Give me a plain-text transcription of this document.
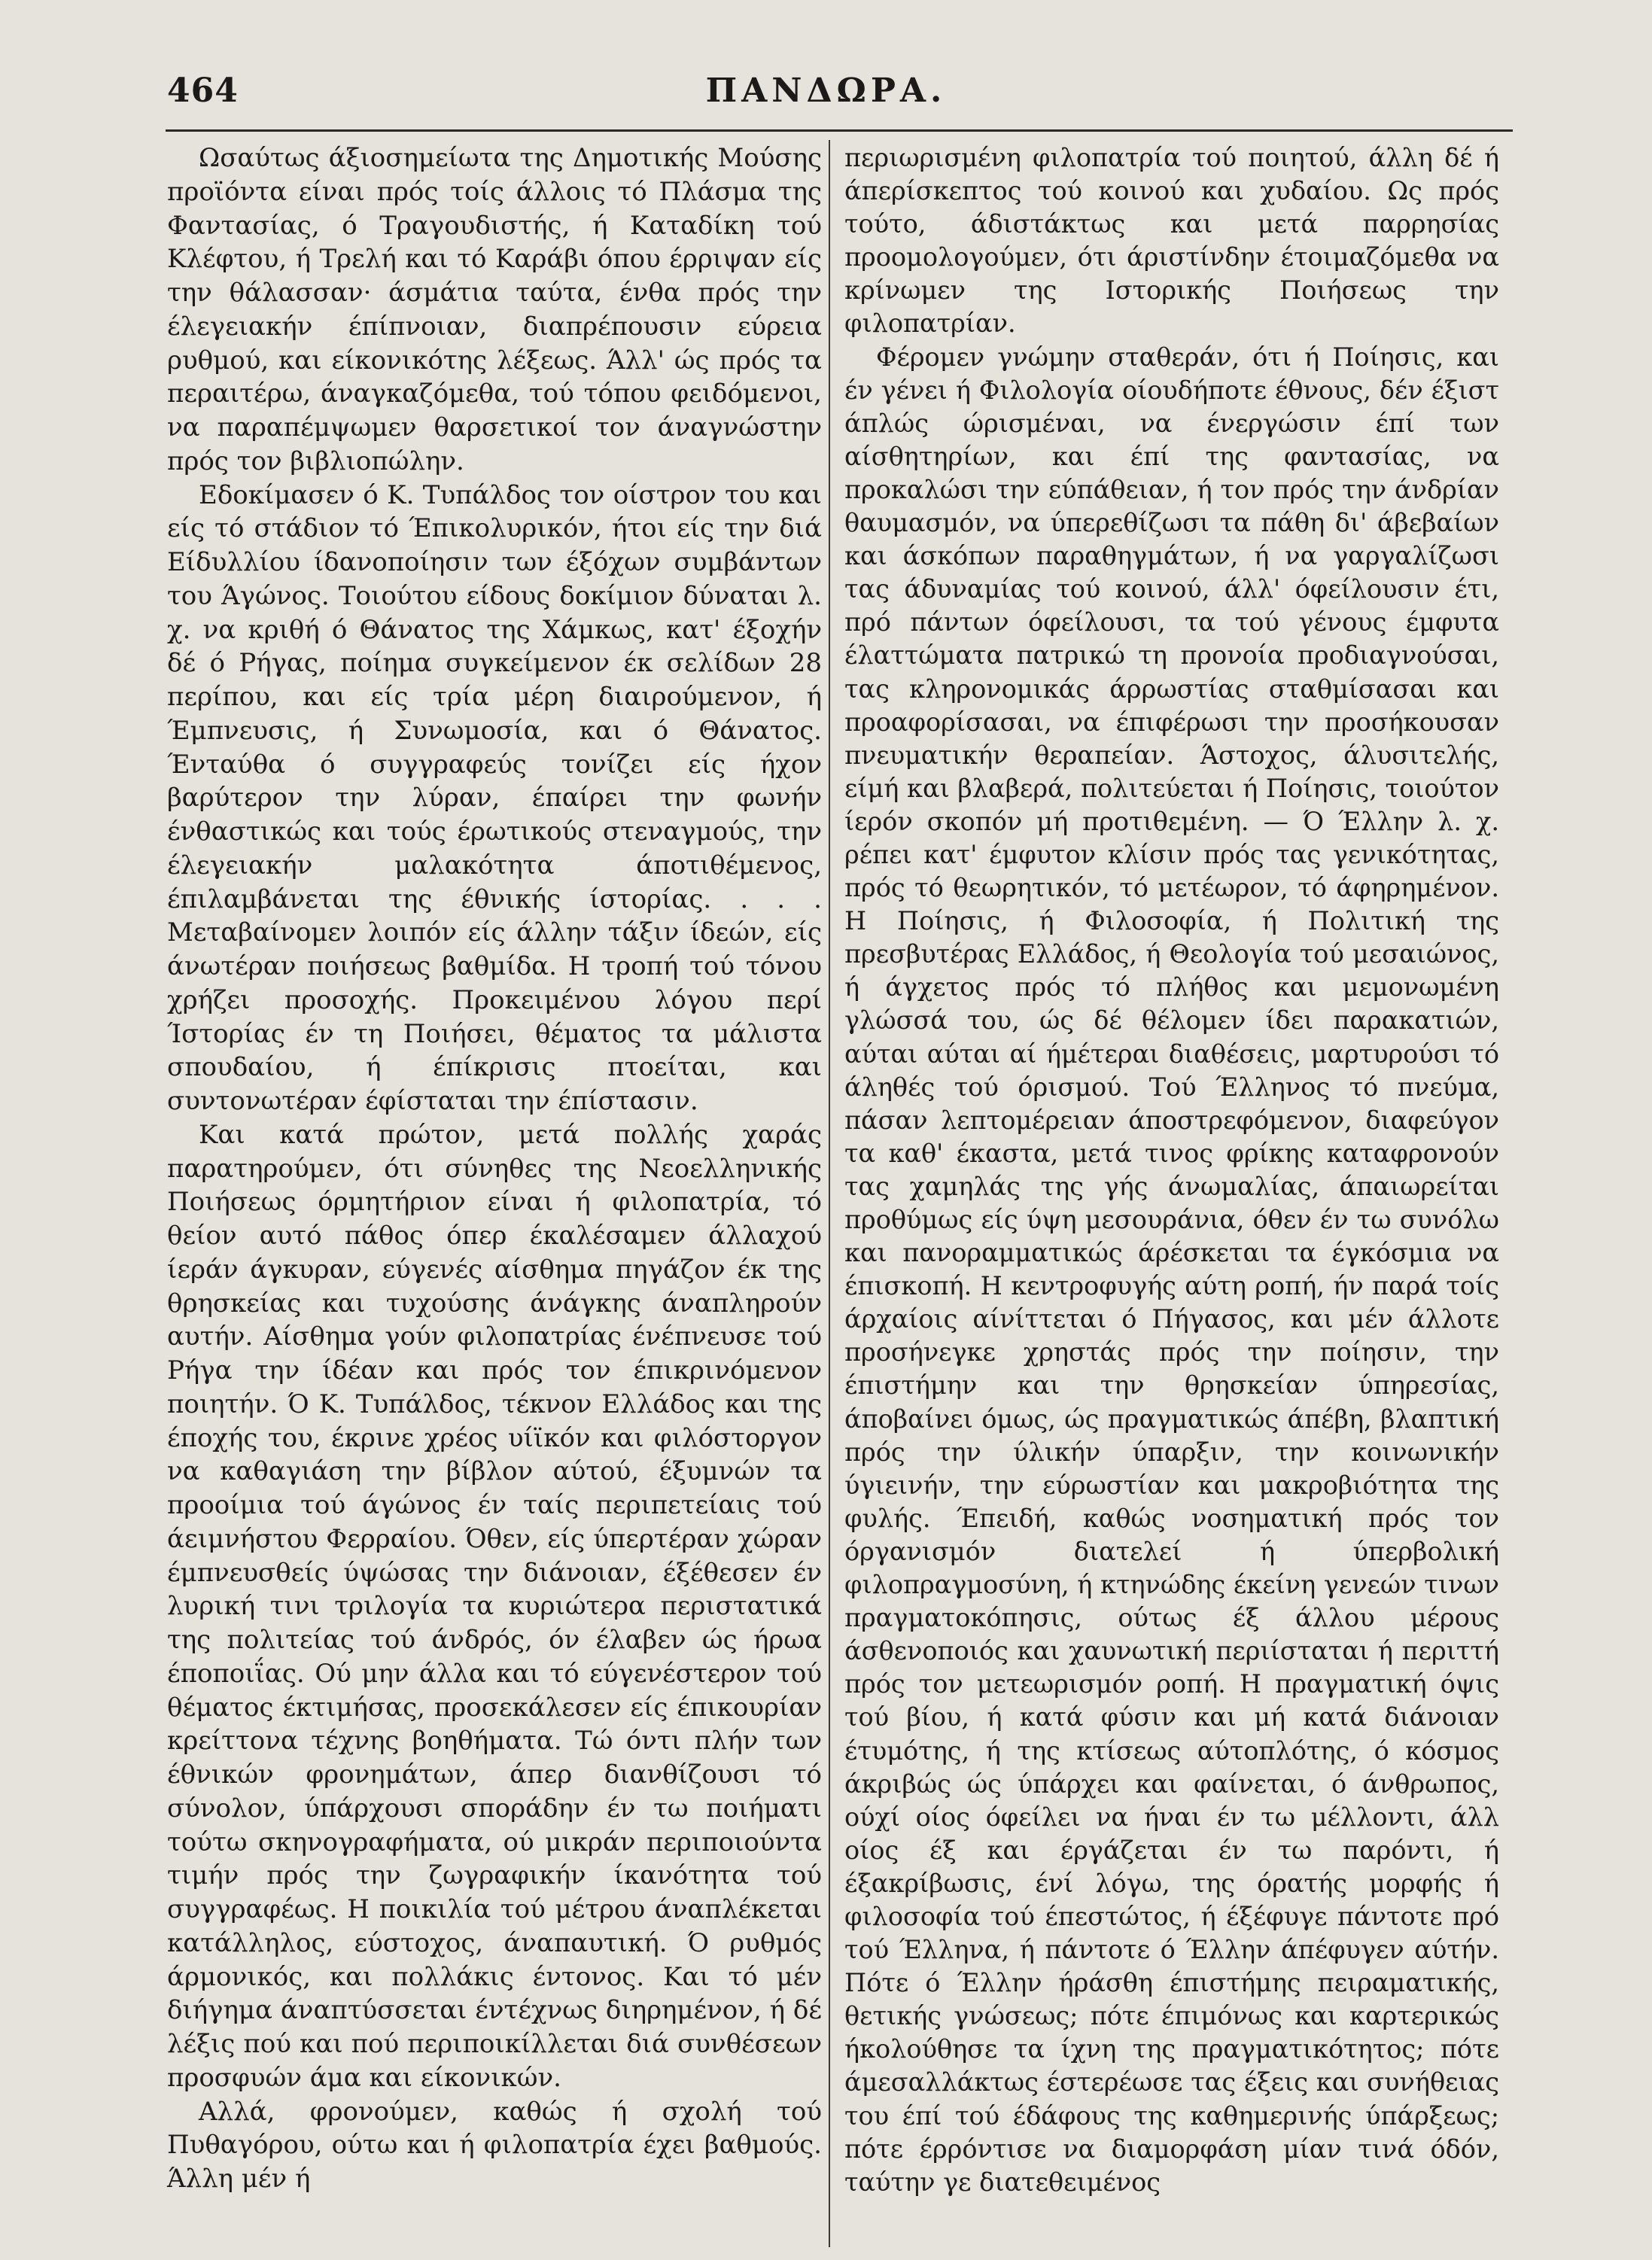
464	ΠΑΝΔΩΡΑ.

Ωσαύτως άξιοσημείωτα της Δημοτικής Μούσης προϊόντα είναι πρός τοίς άλλοις τό Πλάσμα της Φαντασίας, ό Τραγουδιστής, ή Καταδίκη τού Κλέφτου, ή Τρελή και τό Καράβι όπου έρριψαν είς την θάλασσαν· άσμάτια ταύτα, ένθα πρός την έλεγειακήν έπίπνοιαν, διαπρέπουσιν εύρεια ρυθμού, και είκονικότης λέξεως. Άλλ' ώς πρός τα περαιτέρω, άναγκαζόμεθα, τού τόπου φειδόμενοι, να παραπέμψωμεν θαρσετικοί τον άναγνώστην πρός τον βιβλιοπώλην.

Εδοκίμασεν ό Κ. Τυπάλδος τον οίστρον του και είς τό στάδιον τό Έπικολυρικόν, ήτοι είς την διά Είδυλλίου ίδανοποίησιν των έξόχων συμβάντων του Άγώνος. Τοιούτου είδους δοκίμιον δύναται λ. χ. να κριθή ό Θάνατος της Χάμκως, κατ' έξοχήν δέ ό Ρήγας, ποίημα συγκείμενον έκ σελίδων 28 περίπου, και είς τρία μέρη διαιρούμενον, ή Έμπνευσις, ή Συνωμοσία, και ό Θάνατος. Ένταύθα ό συγγραφεύς τονίζει είς ήχον βαρύτερον την λύραν, έπαίρει την φωνήν ένθαστικώς και τούς έρωτικούς στεναγμούς, την έλεγειακήν μαλακότητα άποτιθέμενος, έπιλαμβάνεται της έθνικής ίστορίας. . . . Μεταβαίνομεν λοιπόν είς άλλην τάξιν ίδεών, είς άνωτέραν ποιήσεως βαθμίδα. Η τροπή τού τόνου χρήζει προσοχής. Προκειμένου λόγου περί Ίστορίας έν τη Ποιήσει, θέματος τα μάλιστα σπουδαίου, ή έπίκρισις πτοείται, και συντονωτέραν έφίσταται την έπίστασιν.

Και κατά πρώτον, μετά πολλής χαράς παρατηρούμεν, ότι σύνηθες της Νεοελληνικής Ποιήσεως όρμητήριον είναι ή φιλοπατρία, τό θείον αυτό πάθος όπερ έκαλέσαμεν άλλαχού ίεράν άγκυραν, εύγενές αίσθημα πηγάζον έκ της θρησκείας και τυχούσης άνάγκης άναπληρούν αυτήν. Αίσθημα γούν φιλοπατρίας ένέπνευσε τού Ρήγα την ίδέαν και πρός τον έπικρινόμενον ποιητήν. Ό Κ. Τυπάλδος, τέκνον Ελλάδος και της έποχής του, έκρινε χρέος υίϊκόν και φιλόστοργον να καθαγιάση την βίβλον αύτού, έξυμνών τα προοίμια τού άγώνος έν ταίς περιπετείαις τού άειμνήστου Φερραίου. Όθεν, είς ύπερτέραν χώραν έμπνευσθείς ύψώσας την διάνοιαν, έξέθεσεν έν λυρική τινι τριλογία τα κυριώτερα περιστατικά της πολιτείας τού άνδρός, όν έλαβεν ώς ήρωα έποποιΐας. Ού μην άλλα και τό εύγενέστερον τού θέματος έκτιμήσας, προσεκάλεσεν είς έπικουρίαν κρείττονα τέχνης βοηθήματα. Τώ όντι πλήν των έθνικών φρονημάτων, άπερ διανθίζουσι τό σύνολον, ύπάρχουσι σποράδην έν τω ποιήματι τούτω σκηνογραφήματα, ού μικράν περιποιούντα τιμήν πρός την ζωγραφικήν ίκανότητα τού συγγραφέως. Η ποικιλία τού μέτρου άναπλέκεται κατάλληλος, εύστοχος, άναπαυτική. Ό ρυθμός άρμονικός, και πολλάκις έντονος. Και τό μέν διήγημα άναπτύσσεται έντέχνως διηρημένον, ή δέ λέξις πού και πού περιποικίλλεται διά συνθέσεων προσφυών άμα και είκονικών.

Αλλά, φρονούμεν, καθώς ή σχολή τού Πυθαγόρου, ούτω και ή φιλοπατρία έχει βαθμούς. Άλλη μέν ή

περιωρισμένη φιλοπατρία τού ποιητού, άλλη δέ ή άπερίσκεπτος τού κοινού και χυδαίου. Ως πρός τούτο, άδιστάκτως και μετά παρρησίας προομολογούμεν, ότι άριστίνδην έτοιμαζόμεθα να κρίνωμεν της Ιστορικής Ποιήσεως την φιλοπατρίαν.

Φέρομεν γνώμην σταθεράν, ότι ή Ποίησις, και έν γένει ή Φιλολογία οίουδήποτε έθνους, δέν έξιστ άπλώς ώρισμέναι, να ένεργώσιν έπί των αίσθητηρίων, και έπί της φαντασίας, να προκαλώσι την εύπάθειαν, ή τον πρός την άνδρίαν θαυμασμόν, να ύπερεθίζωσι τα πάθη δι' άβεβαίων και άσκόπων παραθηγμάτων, ή να γαργαλίζωσι τας άδυναμίας τού κοινού, άλλ' όφείλουσιν έτι, πρό πάντων όφείλουσι, τα τού γένους έμφυτα έλαττώματα πατρικώ τη προνοία προδιαγνούσαι, τας κληρονομικάς άρρωστίας σταθμίσασαι και προαφορίσασαι, να έπιφέρωσι την προσήκουσαν πνευματικήν θεραπείαν. Άστοχος, άλυσιτελής, είμή και βλαβερά, πολιτεύεται ή Ποίησις, τοιούτον ίερόν σκοπόν μή προτιθεμένη. — Ό Έλλην λ. χ. ρέπει κατ' έμφυτον κλίσιν πρός τας γενικότητας, πρός τό θεωρητικόν, τό μετέωρον, τό άφηρημένον. Η Ποίησις, ή Φιλοσοφία, ή Πολιτική της πρεσβυτέρας Ελλάδος, ή Θεολογία τού μεσαιώνος, ή άγχετος πρός τό πλήθος και μεμονωμένη γλώσσά του, ώς δέ θέλομεν ίδει παρακατιών, αύται αύται αί ήμέτεραι διαθέσεις, μαρτυρούσι τό άληθές τού όρισμού. Τού Έλληνος τό πνεύμα, πάσαν λεπτομέρειαν άποστρεφόμενον, διαφεύγον τα καθ' έκαστα, μετά τινος φρίκης καταφρονούν τας χαμηλάς της γής άνωμαλίας, άπαιωρείται προθύμως είς ύψη μεσουράνια, όθεν έν τω συνόλω και πανοραμματικώς άρέσκεται τα έγκόσμια να έπισκοπή. Η κεντροφυγής αύτη ροπή, ήν παρά τοίς άρχαίοις αίνίττεται ό Πήγασος, και μέν άλλοτε προσήνεγκε χρηστάς πρός την ποίησιν, την έπιστήμην και την θρησκείαν ύπηρεσίας, άποβαίνει όμως, ώς πραγματικώς άπέβη, βλαπτική πρός την ύλικήν ύπαρξιν, την κοινωνικήν ύγιεινήν, την εύρωστίαν και μακροβιότητα της φυλής. Έπειδή, καθώς νοσηματική πρός τον όργανισμόν διατελεί ή ύπερβολική φιλοπραγμοσύνη, ή κτηνώδης έκείνη γενεών τινων πραγματοκόπησις, ούτως έξ άλλου μέρους άσθενοποιός και χαυνωτική περιίσταται ή περιττή πρός τον μετεωρισμόν ροπή. Η πραγματική όψις τού βίου, ή κατά φύσιν και μή κατά διάνοιαν έτυμότης, ή της κτίσεως αύτοπλότης, ό κόσμος άκριβώς ώς ύπάρχει και φαίνεται, ό άνθρωπος, ούχί οίος όφείλει να ήναι έν τω μέλλοντι, άλλ οίος έξ και έργάζεται έν τω παρόντι, ή έξακρίβωσις, ένί λόγω, της όρατής μορφής ή φιλοσοφία τού έπεστώτος, ή έξέφυγε πάντοτε πρό τού Έλληνα, ή πάντοτε ό Έλλην άπέφυγεν αύτήν. Πότε ό Έλλην ήράσθη έπιστήμης πειραματικής, θετικής γνώσεως; πότε έπιμόνως και καρτερικώς ήκολούθησε τα ίχνη της πραγματικότητος; πότε άμεσαλλάκτως έστερέωσε τας έξεις και συνήθειας του έπί τού έδάφους της καθημερινής ύπάρξεως; πότε έρρόντισε να διαμορφάση μίαν τινά όδόν, ταύτην γε διατεθειμένος
